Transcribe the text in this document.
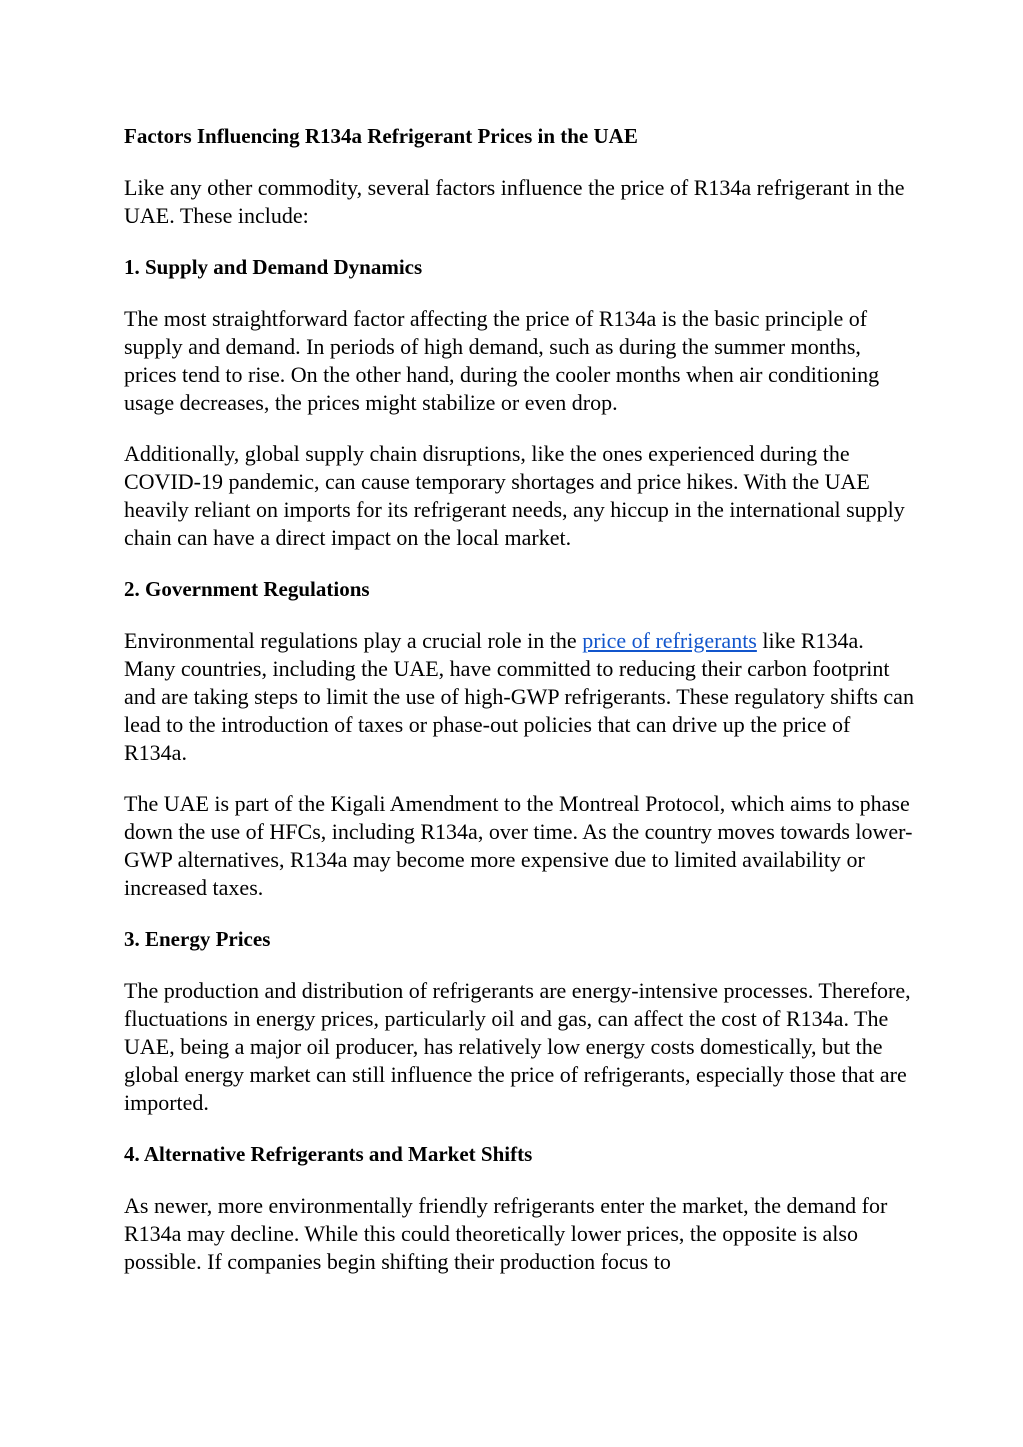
Factors Influencing R134a Refrigerant Prices in the UAE

Like any other commodity, several factors influence the price of R134a refrigerant in the UAE. These include:

1. Supply and Demand Dynamics

The most straightforward factor affecting the price of R134a is the basic principle of supply and demand. In periods of high demand, such as during the summer months, prices tend to rise. On the other hand, during the cooler months when air conditioning usage decreases, the prices might stabilize or even drop.

Additionally, global supply chain disruptions, like the ones experienced during the COVID-19 pandemic, can cause temporary shortages and price hikes. With the UAE heavily reliant on imports for its refrigerant needs, any hiccup in the international supply chain can have a direct impact on the local market.

2. Government Regulations

Environmental regulations play a crucial role in the price of refrigerants like R134a. Many countries, including the UAE, have committed to reducing their carbon footprint and are taking steps to limit the use of high-GWP refrigerants. These regulatory shifts can lead to the introduction of taxes or phase-out policies that can drive up the price of R134a.

The UAE is part of the Kigali Amendment to the Montreal Protocol, which aims to phase down the use of HFCs, including R134a, over time. As the country moves towards lower-GWP alternatives, R134a may become more expensive due to limited availability or increased taxes.

3. Energy Prices

The production and distribution of refrigerants are energy-intensive processes. Therefore, fluctuations in energy prices, particularly oil and gas, can affect the cost of R134a. The UAE, being a major oil producer, has relatively low energy costs domestically, but the global energy market can still influence the price of refrigerants, especially those that are imported.

4. Alternative Refrigerants and Market Shifts

As newer, more environmentally friendly refrigerants enter the market, the demand for R134a may decline. While this could theoretically lower prices, the opposite is also possible. If companies begin shifting their production focus to
